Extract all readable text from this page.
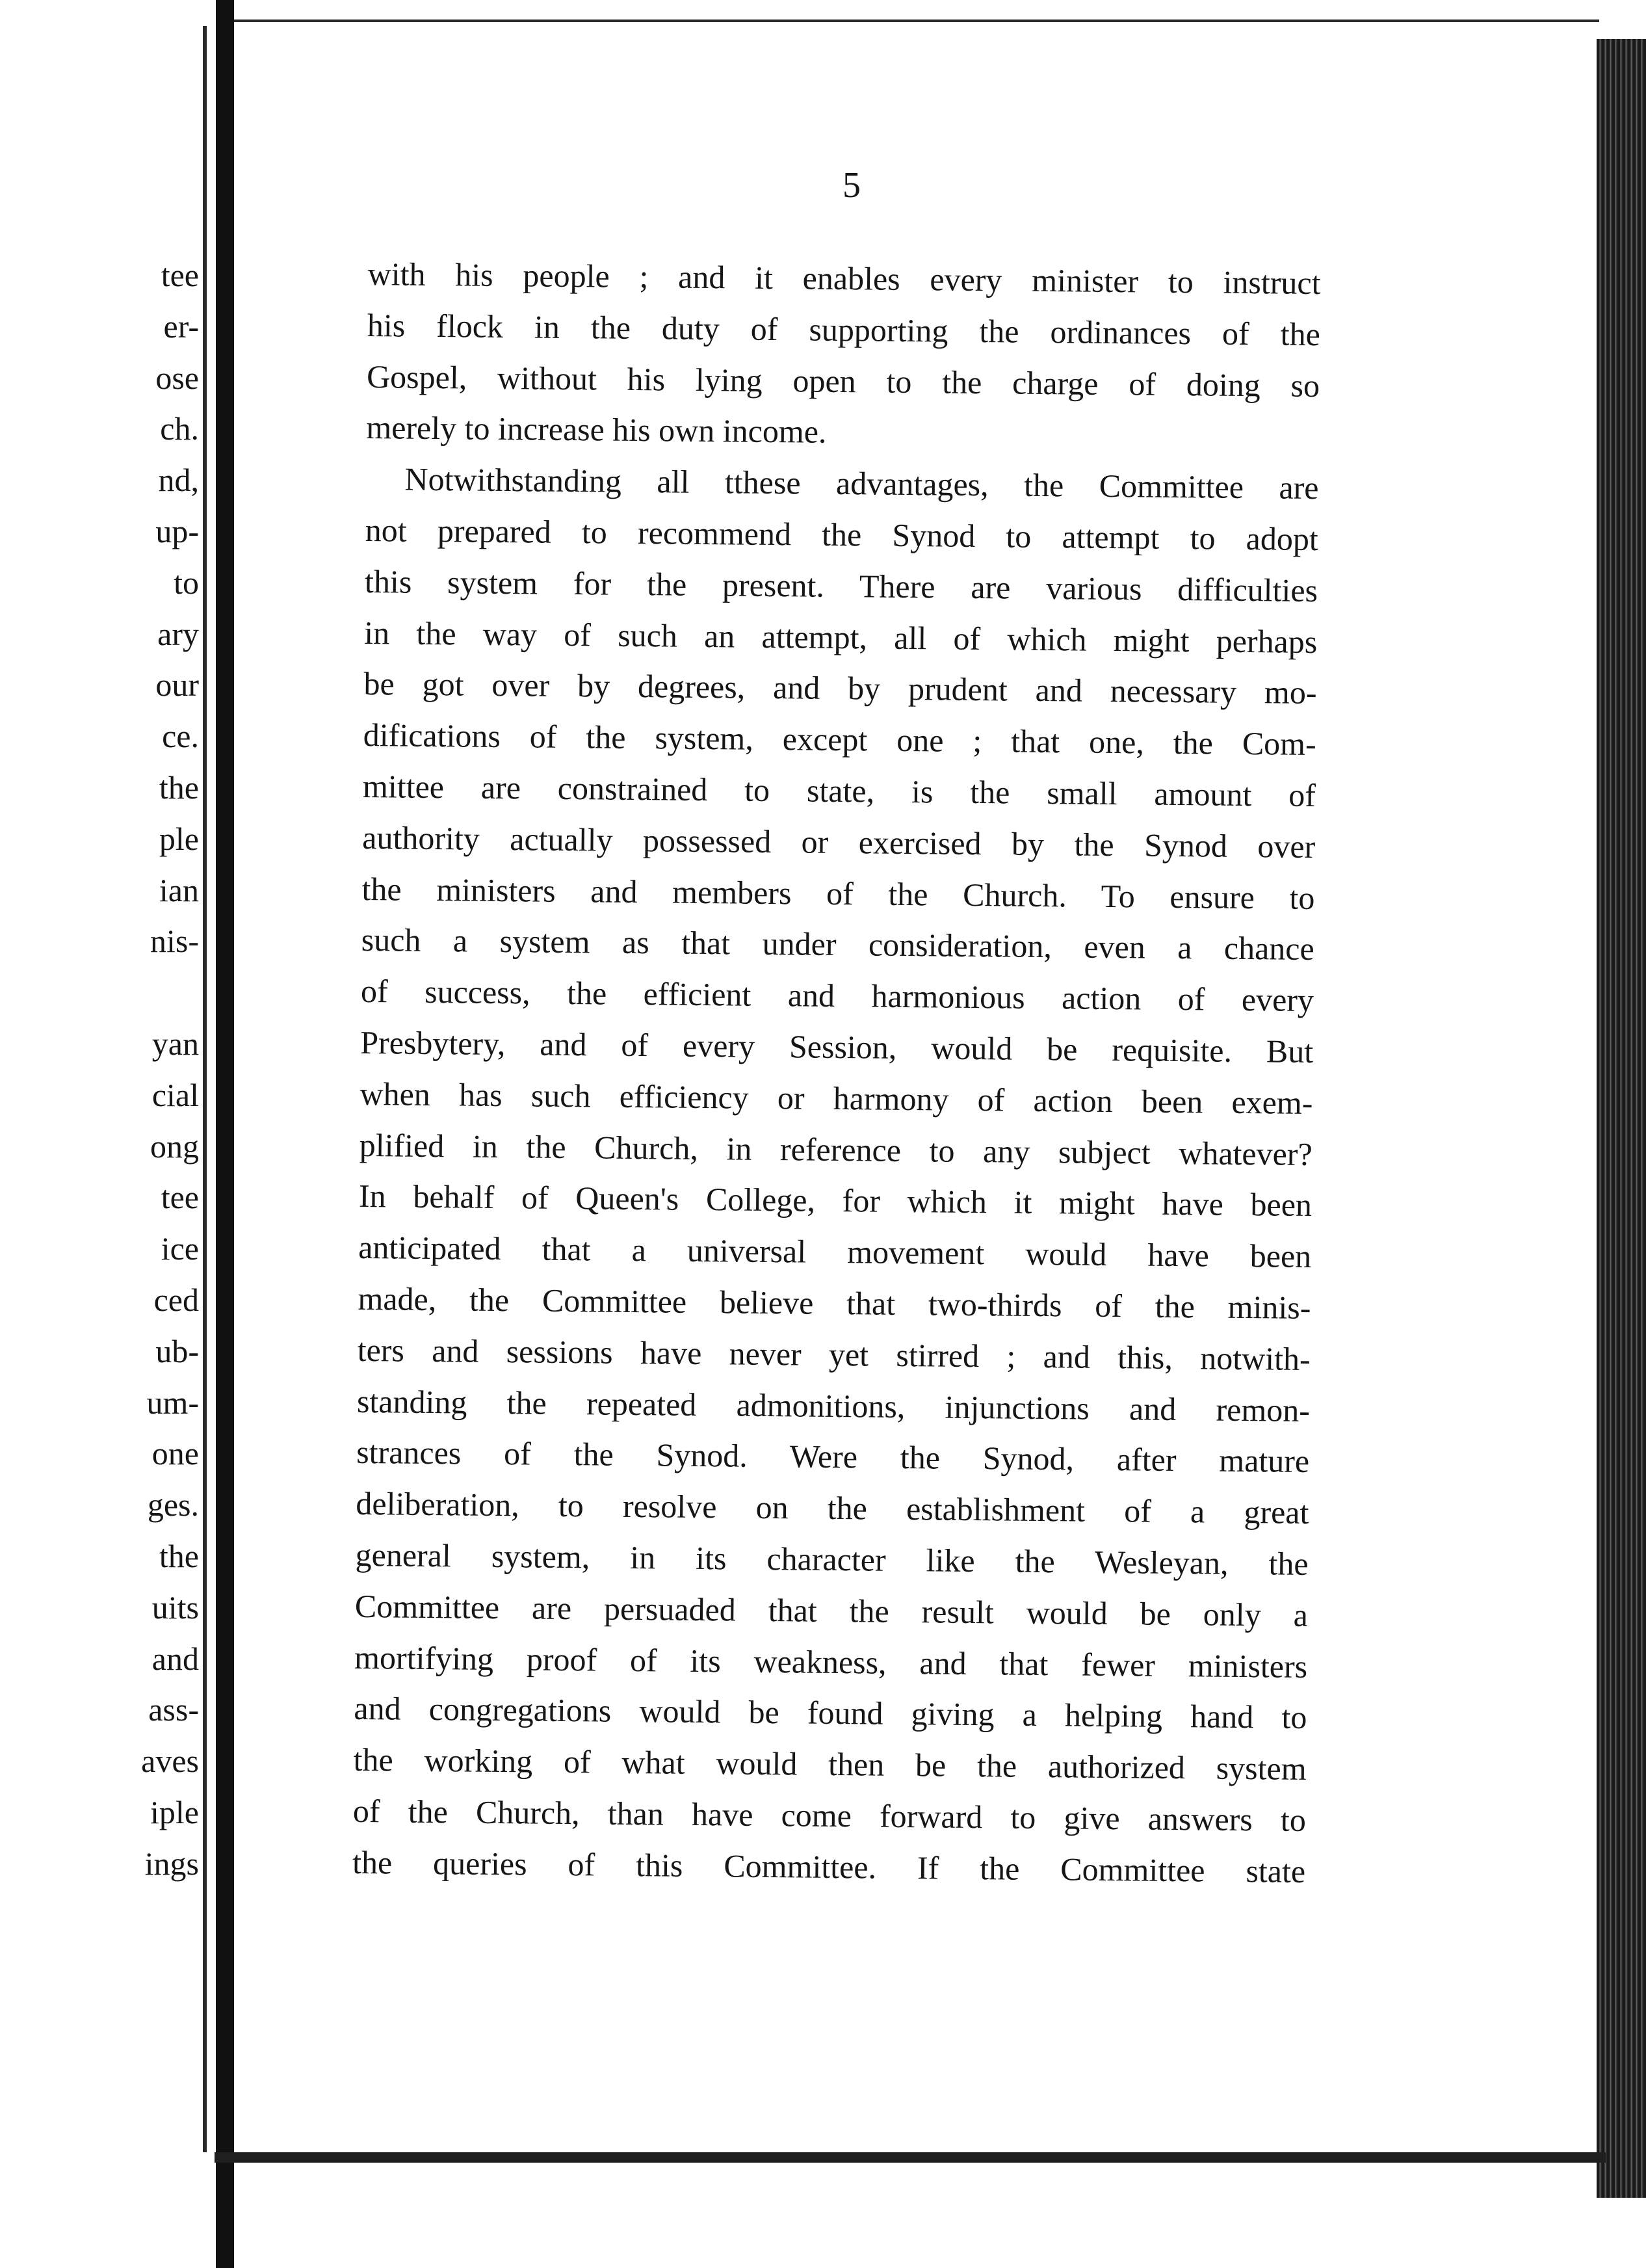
tee
er-
ose
ch.
nd,
up-
to
ary
our
ce.
the
ple
ian
nis-
yan
cial
ong
tee
ice
ced
ub-
um-
one
ges.
the
uits
and
ass-
aves
iple
ings
5
with his people ; and it enables every minister to instruct
his flock in the duty of supporting the ordinances of the
Gospel, without his lying open to the charge of doing so
merely to increase his own income.
Notwithstanding all tthese advantages, the Committee are
not prepared to recommend the Synod to attempt to adopt
this system for the present. There are various difficulties
in the way of such an attempt, all of which might perhaps
be got over by degrees, and by prudent and necessary mo-
difications of the system, except one ; that one, the Com-
mittee are constrained to state, is the small amount of
authority actually possessed or exercised by the Synod over
the ministers and members of the Church. To ensure to
such a system as that under consideration, even a chance
of success, the efficient and harmonious action of every
Presbytery, and of every Session, would be requisite. But
when has such efficiency or harmony of action been exem-
plified in the Church, in reference to any subject whatever?
In behalf of Queen's College, for which it might have been
anticipated that a universal movement would have been
made, the Committee believe that two-thirds of the minis-
ters and sessions have never yet stirred ; and this, notwith-
standing the repeated admonitions, injunctions and remon-
strances of the Synod. Were the Synod, after mature
deliberation, to resolve on the establishment of a great
general system, in its character like the Wesleyan, the
Committee are persuaded that the result would be only a
mortifying proof of its weakness, and that fewer ministers
and congregations would be found giving a helping hand to
the working of what would then be the authorized system
of the Church, than have come forward to give answers to
the queries of this Committee. If the Committee state
